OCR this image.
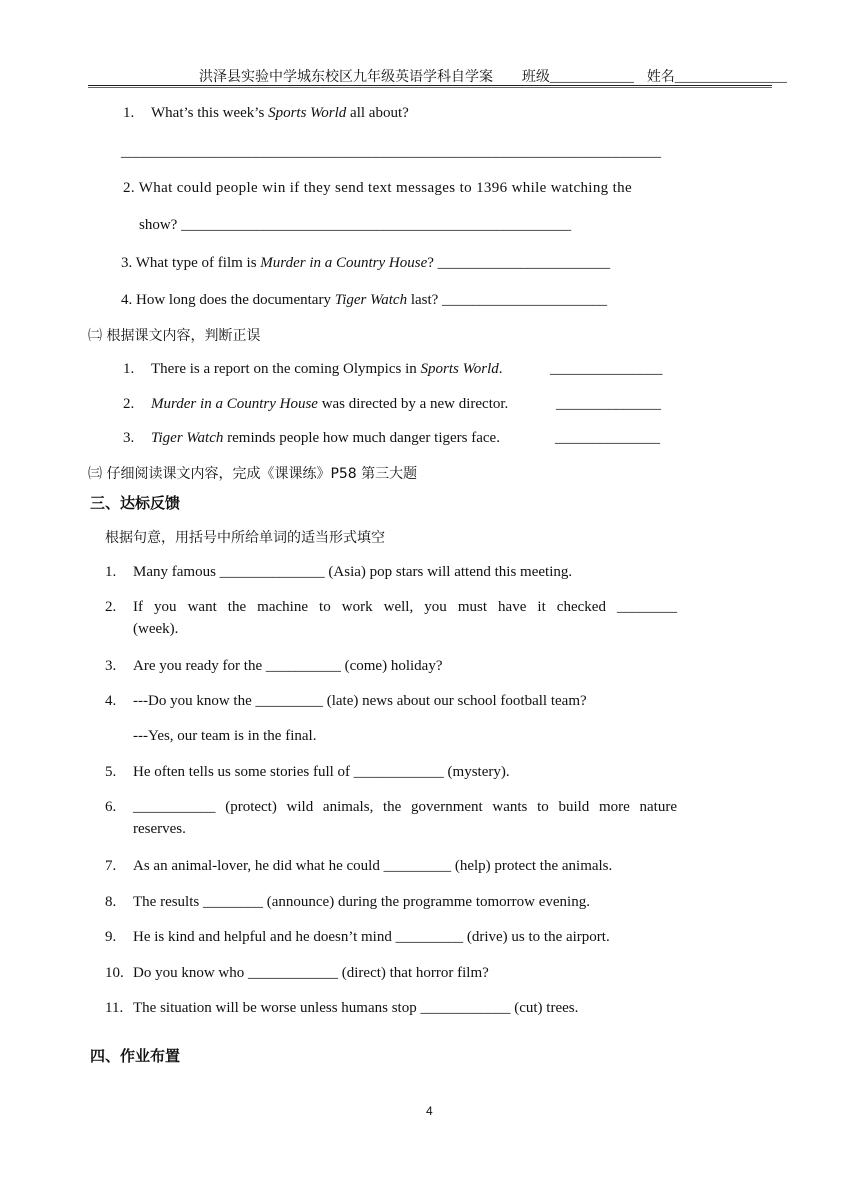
洪泽县实验中学城东校区九年级英语学科自学案 班级____________ 姓名________________
1. What’s this week’s Sports World all about?
________________________________________________________________________
2. What could people win if they send text messages to 1396 while watching the
show? ____________________________________________________
3. What type of film is Murder in a Country House? _______________________
4. How long does the documentary Tiger Watch last? ______________________
㈡ 根据课文内容，判断正误
1. There is a report on the coming Olympics in Sports World.	_______________
2. Murder in a Country House was directed by a new director.	______________
3. Tiger Watch reminds people how much danger tigers face.	______________
㈢ 仔细阅读课文内容，完成《课课练》P58 第三大题
三、达标反馈
根据句意，用括号中所给单词的适当形式填空
1. Many famous ______________ (Asia) pop stars will attend this meeting.
2.	If you want the machine to work well, you must have it checked ________
(week).
3. Are you ready for the __________ (come) holiday?
4. ---Do you know the _________ (late) news about our school football team?
---Yes, our team is in the final.
5. He often tells us some stories full of ____________ (mystery).
6.	___________ (protect) wild animals, the government wants to build more nature
reserves.
7. As an animal-lover, he did what he could _________ (help) protect the animals.
8. The results ________ (announce) during the programme tomorrow evening.
9. He is kind and helpful and he doesn’t mind _________ (drive) us to the airport.
10. Do you know who ____________ (direct) that horror film?
11. The situation will be worse unless humans stop ____________ (cut) trees.
四、作业布置
4
